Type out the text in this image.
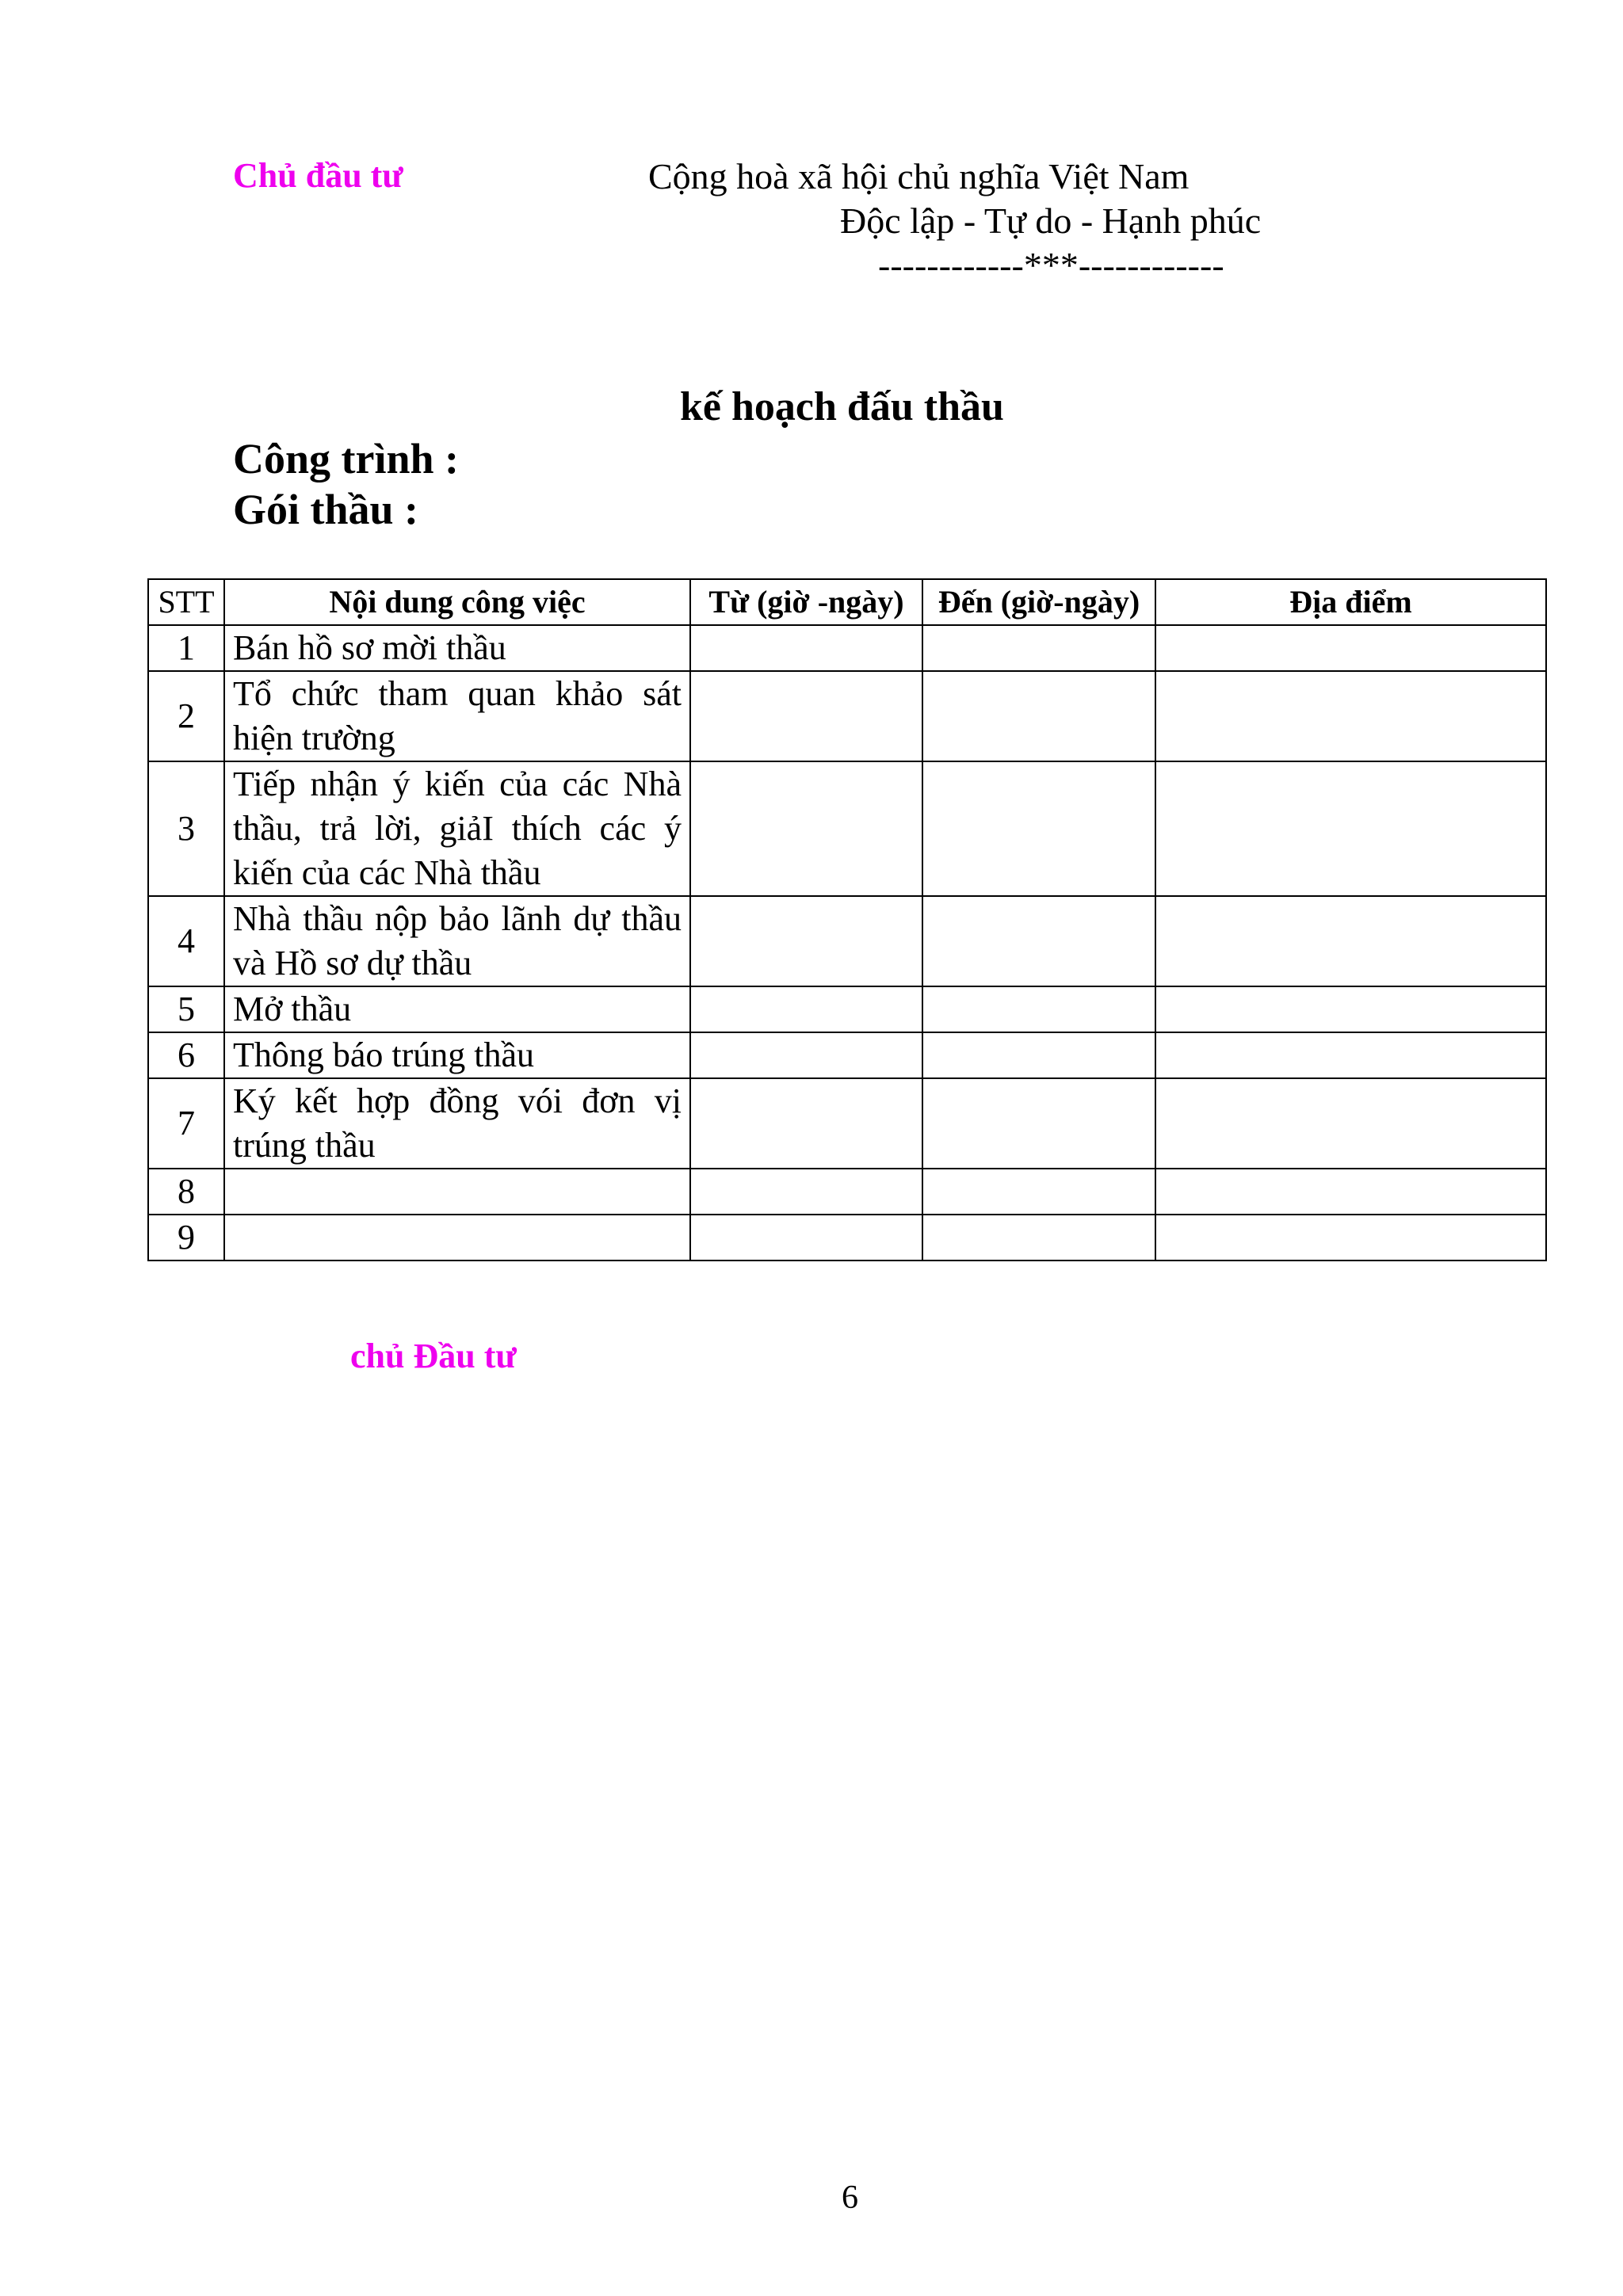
Chủ đầu tư	Cộng hoà xã hội chủ nghĩa Việt Nam
Độc lập - Tự do - Hạnh phúc
------------***------------
kế hoạch đấu thầu
Công trình :
Gói thầu :
STT	Nội dung công việc	Từ (giờ -ngày)	Đến (giờ-ngày)	Địa điểm
1	Bán hồ sơ mời thầu			
2	Tổ chức tham quan khảo sát hiện trường			
3	Tiếp nhận ý kiến của các Nhà thầu, trả lời, giảI thích các ý kiến của các Nhà thầu			
4	Nhà thầu nộp bảo lãnh dự thầu và Hồ sơ dự thầu			
5	Mở thầu			
6	Thông báo trúng thầu			
7	Ký kết hợp đồng vói đơn vị trúng thầu			
8				
9				
chủ Đầu tư
6
